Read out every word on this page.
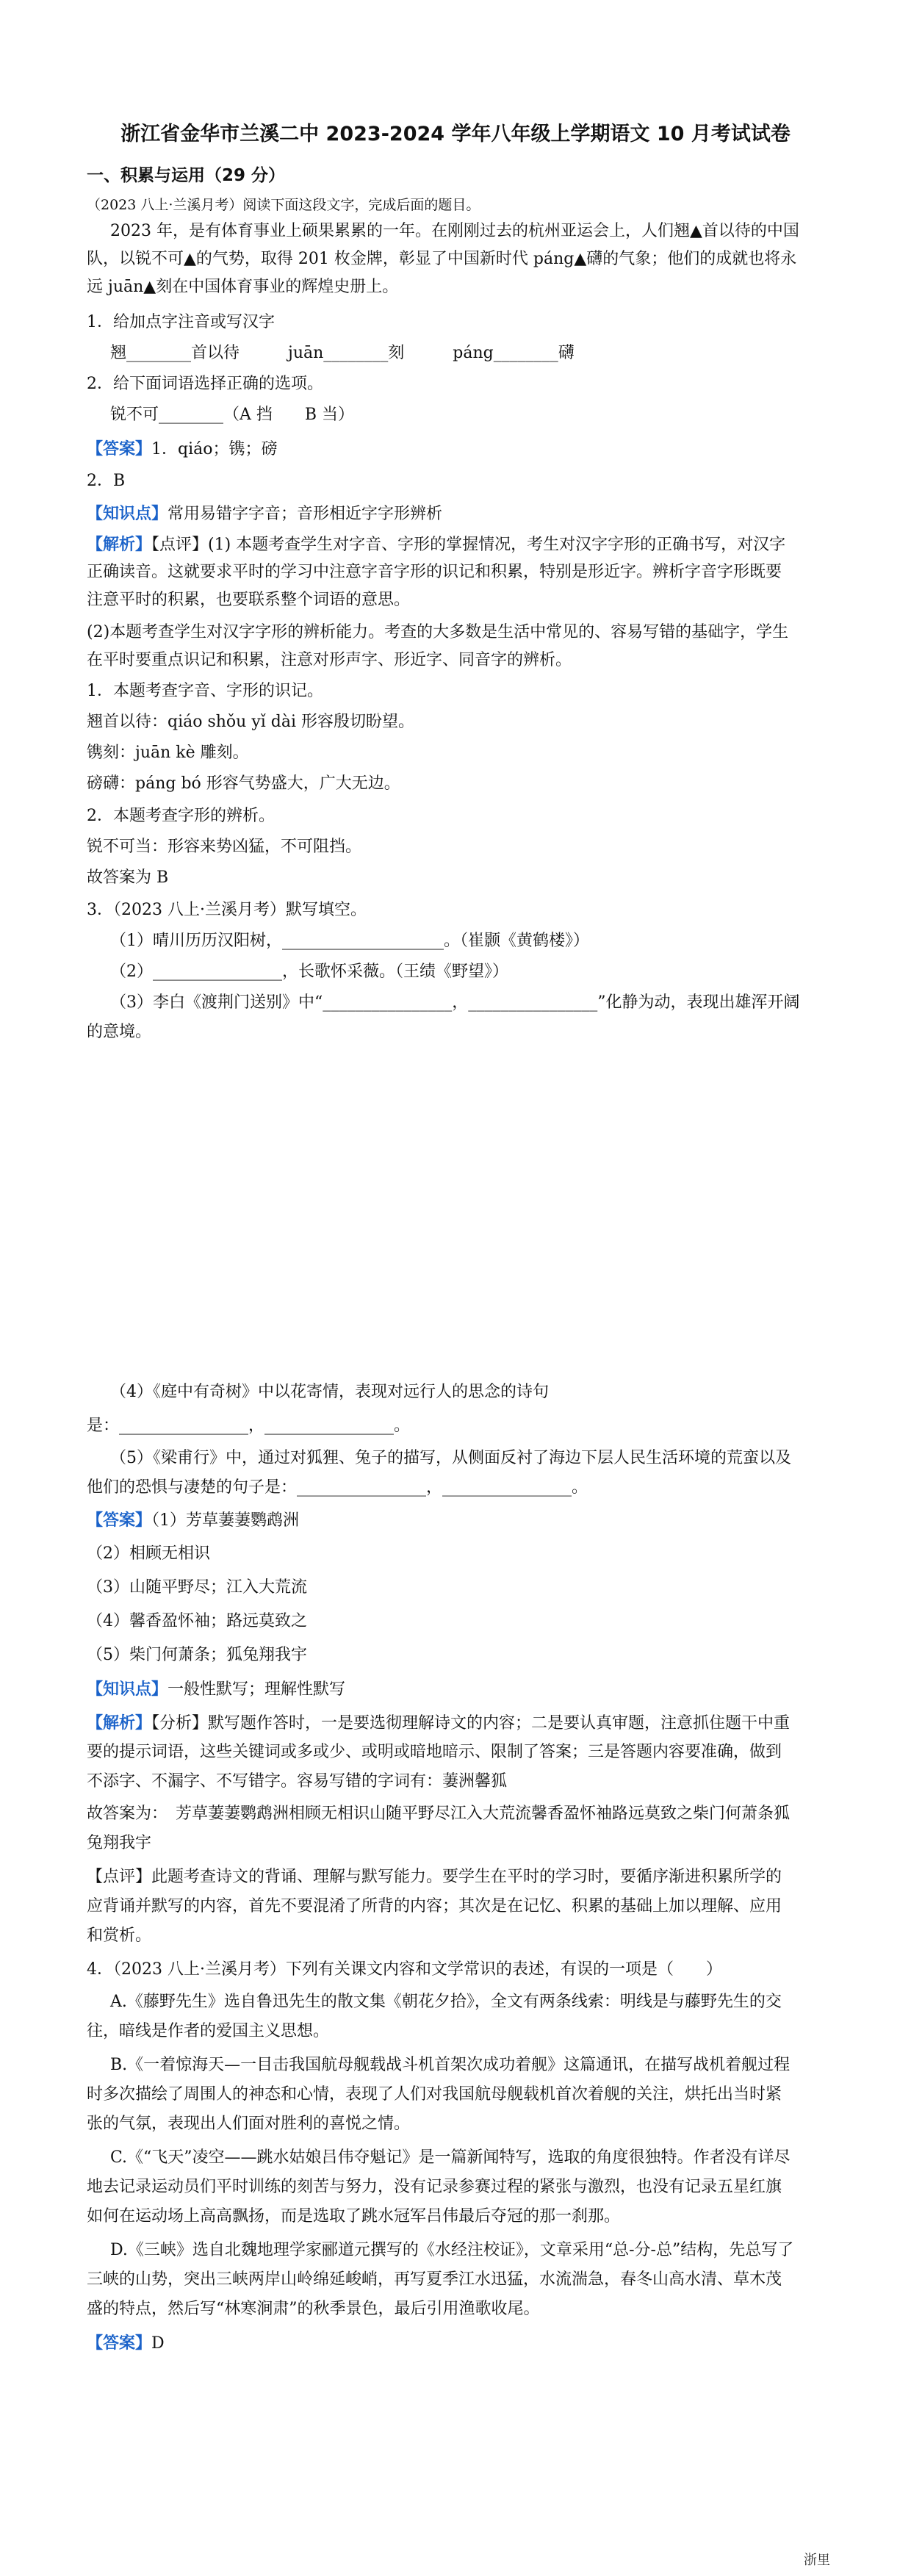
浙江省金华市兰溪二中 2023-2024 学年八年级上学期语文 10 月考试试卷
一、积累与运用（29 分）
（2023 八上·兰溪月考）阅读下面这段文字，完成后面的题目。
2023 年，是有体育事业上硕果累累的一年。在刚刚过去的杭州亚运会上，人们翘▲首以待的中国
队，以锐不可▲的气势，取得 201 枚金牌，彰显了中国新时代 páng▲礴的气象；他们的成就也将永
远 juān▲刻在中国体育事业的辉煌史册上。
1．给加点字注音或写汉字
翘________首以待　　　juān________刻　　　páng________礴
2．给下面词语选择正确的选项。
锐不可________（A 挡　　B 当）
【答案】1．qiáo；镌；磅
2．B
【知识点】常用易错字字音；音形相近字字形辨析
【解析】【点评】(1) 本题考查学生对字音、字形的掌握情况，考生对汉字字形的正确书写，对汉字
正确读音。这就要求平时的学习中注意字音字形的识记和积累，特别是形近字。辨析字音字形既要
注意平时的积累，也要联系整个词语的意思。
(2)本题考查学生对汉字字形的辨析能力。考查的大多数是生活中常见的、容易写错的基础字，学生
在平时要重点识记和积累，注意对形声字、形近字、同音字的辨析。
1．本题考查字音、字形的识记。
翘首以待：qiáo shǒu yǐ dài 形容殷切盼望。
镌刻：juān kè 雕刻。
磅礴：páng bó 形容气势盛大，广大无边。
2．本题考查字形的辨析。
锐不可当：形容来势凶猛，不可阻挡。
故答案为 B
3．（2023 八上·兰溪月考）默写填空。
（1）晴川历历汉阳树，____________________。（崔颢《黄鹤楼》）
（2）________________，长歌怀采薇。（王绩《野望》）
（3）李白《渡荆门送别》中“________________，________________”化静为动，表现出雄浑开阔
的意境。
（4）《庭中有奇树》中以花寄情，表现对远行人的思念的诗句
是：________________，________________。
（5）《梁甫行》中，通过对狐狸、兔子的描写，从侧面反衬了海边下层人民生活环境的荒蛮以及
他们的恐惧与凄楚的句子是：________________，________________。
【答案】（1）芳草萋萋鹦鹉洲
（2）相顾无相识
（3）山随平野尽；江入大荒流
（4）馨香盈怀袖；路远莫致之
（5）柴门何萧条；狐兔翔我宇
【知识点】一般性默写；理解性默写
【解析】【分析】默写题作答时，一是要选彻理解诗文的内容；二是要认真审题，注意抓住题干中重
要的提示词语，这些关键词或多或少、或明或暗地暗示、限制了答案；三是答题内容要准确，做到
不添字、不漏字、不写错字。容易写错的字词有：萋洲馨狐
故答案为：　芳草萋萋鹦鹉洲相顾无相识山随平野尽江入大荒流馨香盈怀袖路远莫致之柴门何萧条狐
兔翔我宇
【点评】此题考查诗文的背诵、理解与默写能力。要学生在平时的学习时，要循序渐进积累所学的
应背诵并默写的内容，首先不要混淆了所背的内容；其次是在记忆、积累的基础上加以理解、应用
和赏析。
4．（2023 八上·兰溪月考）下列有关课文内容和文学常识的表述，有误的一项是（　　）
A.《藤野先生》选自鲁迅先生的散文集《朝花夕拾》，全文有两条线索：明线是与藤野先生的交
往，暗线是作者的爱国主义思想。
B.《一着惊海天—一目击我国航母舰载战斗机首架次成功着舰》这篇通讯，在描写战机着舰过程
时多次描绘了周围人的神态和心情，表现了人们对我国航母舰载机首次着舰的关注，烘托出当时紧
张的气氛，表现出人们面对胜利的喜悦之情。
C.《“飞天”凌空——跳水姑娘吕伟夺魁记》是一篇新闻特写，选取的角度很独特。作者没有详尽
地去记录运动员们平时训练的刻苦与努力，没有记录参赛过程的紧张与激烈，也没有记录五星红旗
如何在运动场上高高飘扬，而是选取了跳水冠军吕伟最后夺冠的那一刹那。
D.《三峡》选自北魏地理学家郦道元撰写的《水经注校证》，文章采用“总-分-总”结构，先总写了
三峡的山势，突出三峡两岸山岭绵延峻峭，再写夏季江水迅猛，水流湍急，春冬山高水清、草木茂
盛的特点，然后写“林寒涧肃”的秋季景色，最后引用渔歌收尾。
【答案】D
浙里
